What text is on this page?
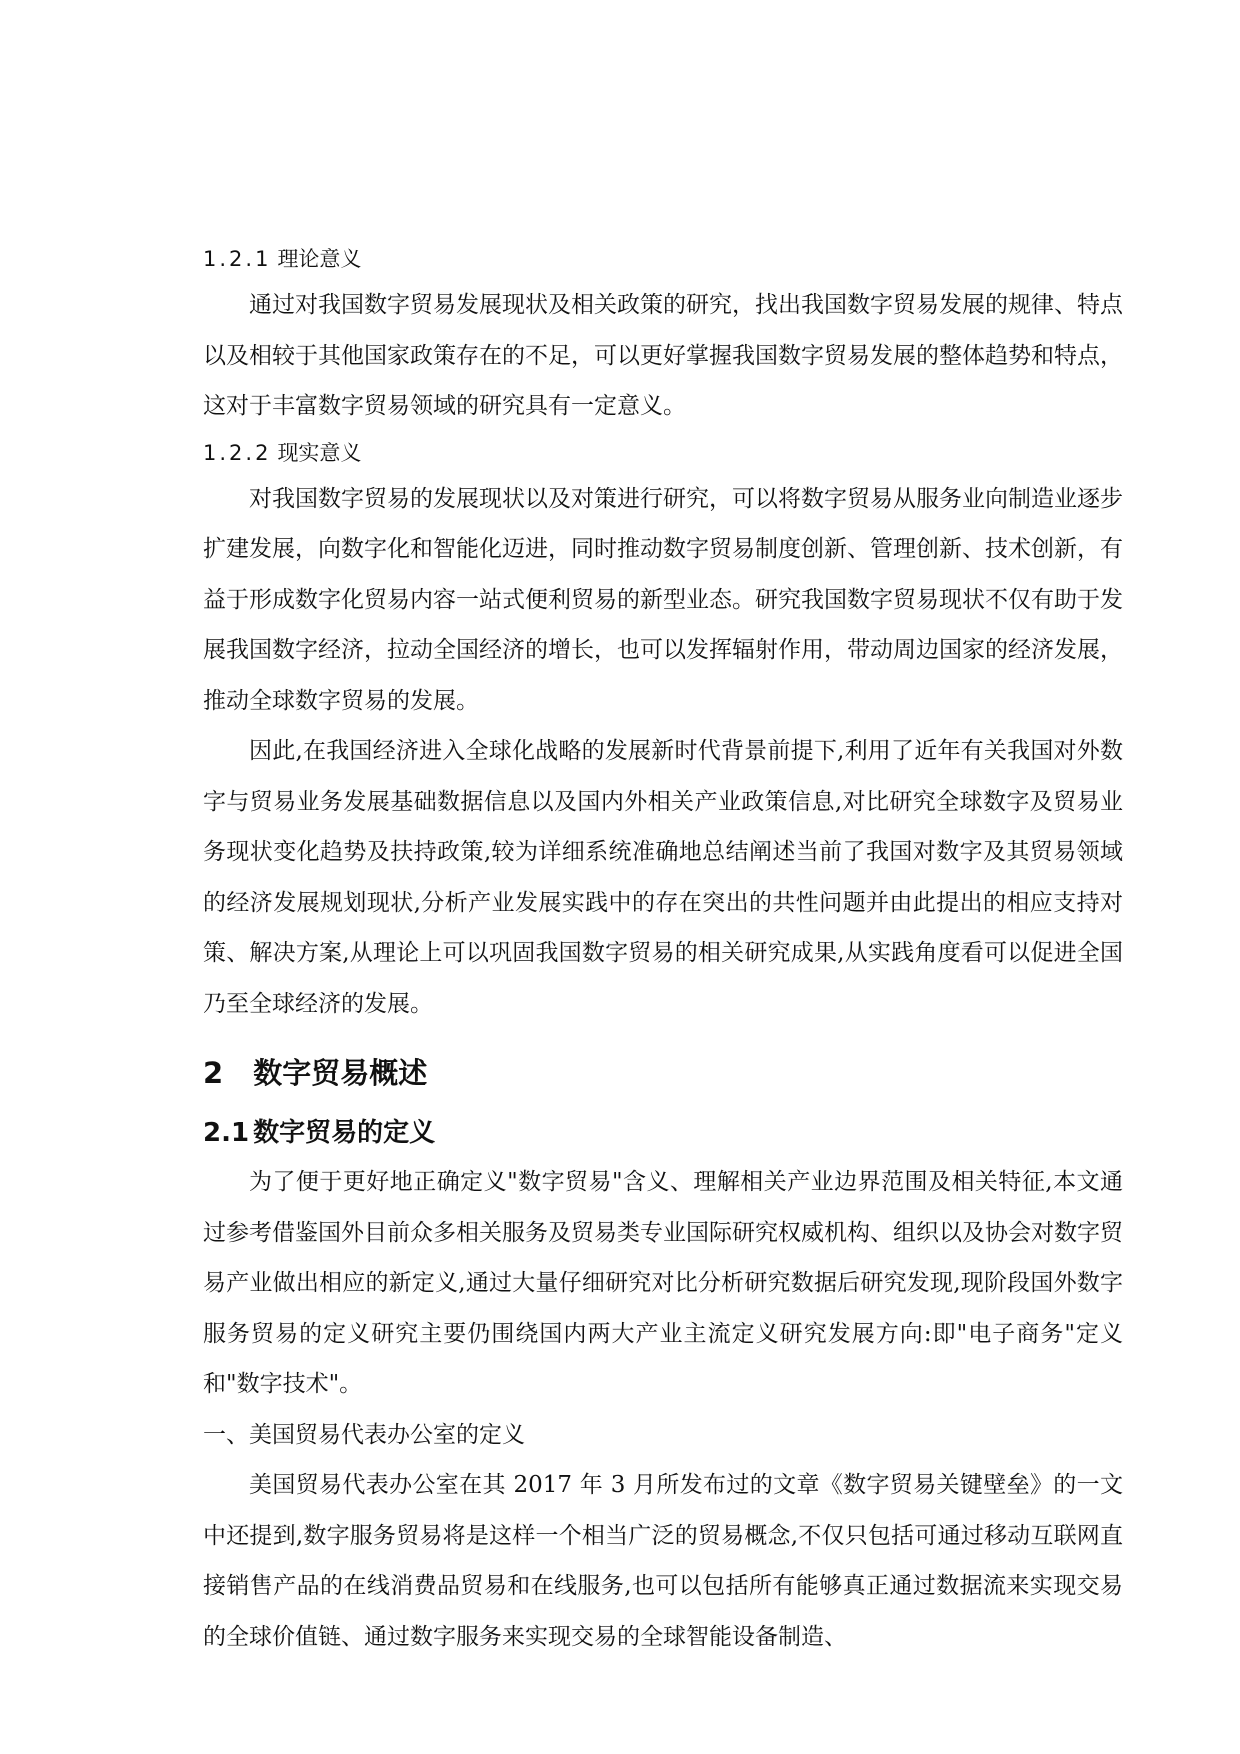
1.2.1 理论意义

通过对我国数字贸易发展现状及相关政策的研究，找出我国数字贸易发展的规律、特点以及相较于其他国家政策存在的不足，可以更好掌握我国数字贸易发展的整体趋势和特点，这对于丰富数字贸易领域的研究具有一定意义。

1.2.2 现实意义

对我国数字贸易的发展现状以及对策进行研究，可以将数字贸易从服务业向制造业逐步扩建发展，向数字化和智能化迈进，同时推动数字贸易制度创新、管理创新、技术创新，有益于形成数字化贸易内容一站式便利贸易的新型业态。研究我国数字贸易现状不仅有助于发展我国数字经济，拉动全国经济的增长，也可以发挥辐射作用，带动周边国家的经济发展，推动全球数字贸易的发展。

因此,在我国经济进入全球化战略的发展新时代背景前提下,利用了近年有关我国对外数字与贸易业务发展基础数据信息以及国内外相关产业政策信息,对比研究全球数字及贸易业务现状变化趋势及扶持政策,较为详细系统准确地总结阐述当前了我国对数字及其贸易领域的经济发展规划现状,分析产业发展实践中的存在突出的共性问题并由此提出的相应支持对策、解决方案,从理论上可以巩固我国数字贸易的相关研究成果,从实践角度看可以促进全国乃至全球经济的发展。

2 数字贸易概述
2.1 数字贸易的定义

为了便于更好地正确定义"数字贸易"含义、理解相关产业边界范围及相关特征,本文通过参考借鉴国外目前众多相关服务及贸易类专业国际研究权威机构、组织以及协会对数字贸易产业做出相应的新定义,通过大量仔细研究对比分析研究数据后研究发现,现阶段国外数字服务贸易的定义研究主要仍围绕国内两大产业主流定义研究发展方向:即"电子商务"定义和"数字技术"。

一、美国贸易代表办公室的定义

美国贸易代表办公室在其 2017 年 3 月所发布过的文章《数字贸易关键壁垒》的一文中还提到,数字服务贸易将是这样一个相当广泛的贸易概念,不仅只包括可通过移动互联网直接销售产品的在线消费品贸易和在线服务,也可以包括所有能够真正通过数据流来实现交易的全球价值链、通过数字服务来实现交易的全球智能设备制造、
